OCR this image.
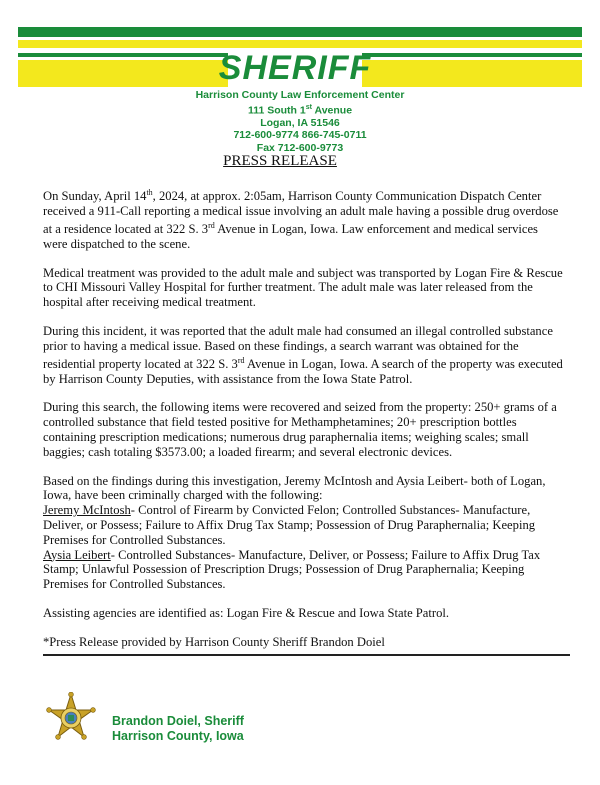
SHERIFF
Harrison County Law Enforcement Center
111 South 1st Avenue
Logan, IA 51546
712-600-9774 866-745-0711
Fax 712-600-9773
PRESS RELEASE

On Sunday, April 14th, 2024, at approx. 2:05am, Harrison County Communication Dispatch Center received a 911-Call reporting a medical issue involving an adult male having a possible drug overdose at a residence located at 322 S. 3rd Avenue in Logan, Iowa. Law enforcement and medical services were dispatched to the scene.

Medical treatment was provided to the adult male and subject was transported by Logan Fire & Rescue to CHI Missouri Valley Hospital for further treatment. The adult male was later released from the hospital after receiving medical treatment.

During this incident, it was reported that the adult male had consumed an illegal controlled substance prior to having a medical issue. Based on these findings, a search warrant was obtained for the residential property located at 322 S. 3rd Avenue in Logan, Iowa. A search of the property was executed by Harrison County Deputies, with assistance from the Iowa State Patrol.

During this search, the following items were recovered and seized from the property: 250+ grams of a controlled substance that field tested positive for Methamphetamines; 20+ prescription bottles containing prescription medications; numerous drug paraphernalia items; weighing scales; small baggies; cash totaling $3573.00; a loaded firearm; and several electronic devices.

Based on the findings during this investigation, Jeremy McIntosh and Aysia Leibert- both of Logan, Iowa, have been criminally charged with the following:
Jeremy McIntosh- Control of Firearm by Convicted Felon; Controlled Substances- Manufacture, Deliver, or Possess; Failure to Affix Drug Tax Stamp; Possession of Drug Paraphernalia; Keeping Premises for Controlled Substances.
Aysia Leibert- Controlled Substances- Manufacture, Deliver, or Possess; Failure to Affix Drug Tax Stamp; Unlawful Possession of Prescription Drugs; Possession of Drug Paraphernalia; Keeping Premises for Controlled Substances.

Assisting agencies are identified as: Logan Fire & Rescue and Iowa State Patrol.

*Press Release provided by Harrison County Sheriff Brandon Doiel

Brandon Doiel, Sheriff
Harrison County, Iowa
